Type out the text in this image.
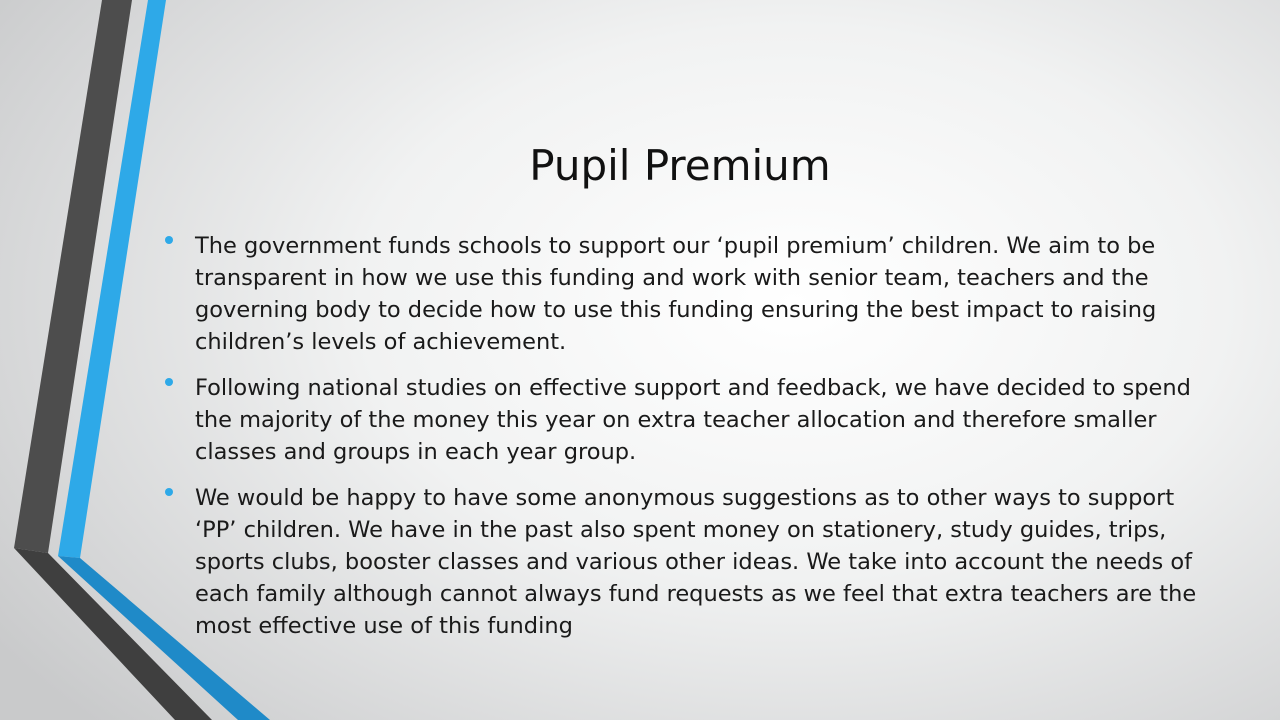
Pupil Premium
The government funds schools to support our ‘pupil premium’ children. We aim to be transparent in how we use this funding and work with senior team, teachers and the governing body to decide how to use this funding ensuring the best impact to raising children’s levels of achievement.
Following national studies on effective support and feedback, we have decided to spend the majority of the money this year on extra teacher allocation and therefore smaller classes and groups in each year group.
We would be happy to have some anonymous suggestions as to other ways to support ‘PP’ children. We have in the past also spent money on stationery, study guides, trips, sports clubs, booster classes and various other ideas. We take into account the needs of each family although cannot always fund requests as we feel that extra teachers are the most effective use of this funding
